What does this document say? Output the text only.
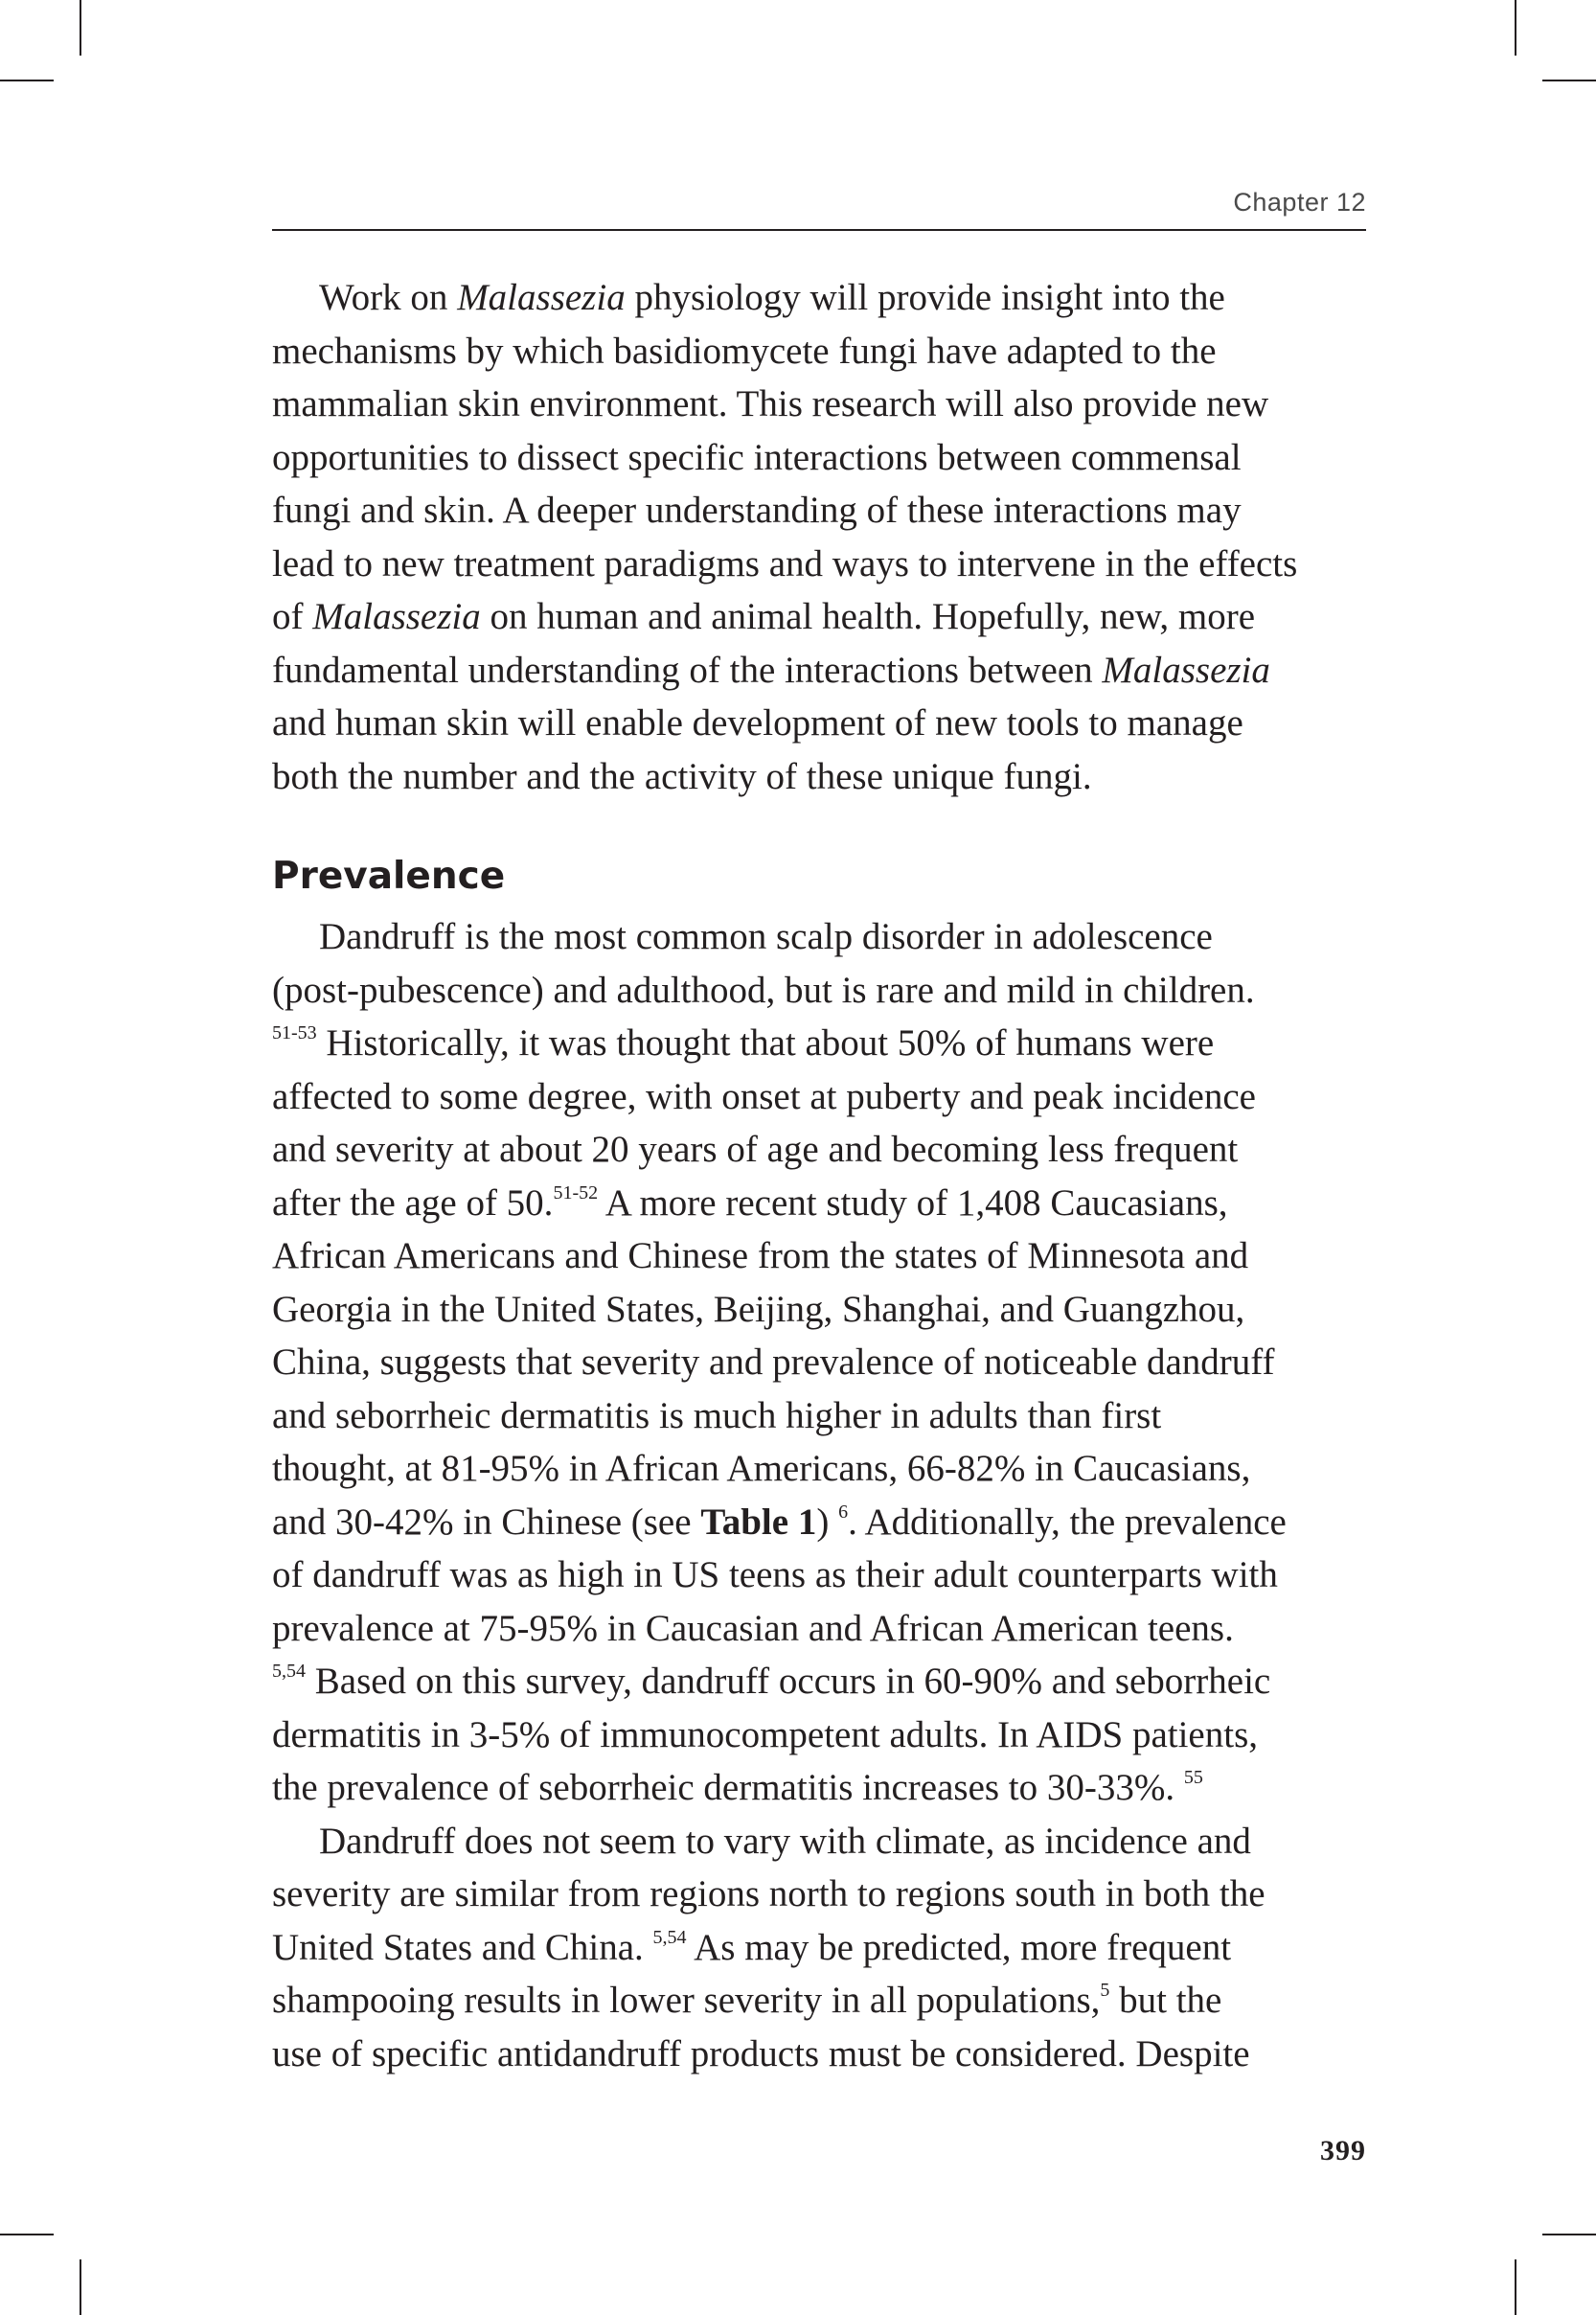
Chapter 12
Work on Malassezia physiology will provide insight into the
mechanisms by which basidiomycete fungi have adapted to the
mammalian skin environment. This research will also provide new
opportunities to dissect specific interactions between commensal
fungi and skin. A deeper understanding of these interactions may
lead to new treatment paradigms and ways to intervene in the effects
of Malassezia on human and animal health. Hopefully, new, more
fundamental understanding of the interactions between Malassezia
and human skin will enable development of new tools to manage
both the number and the activity of these unique fungi.
Prevalence
Dandruff is the most common scalp disorder in adolescence
(post-pubescence) and adulthood, but is rare and mild in children.
$^{51-53}$ Historically, it was thought that about 50% of humans were
affected to some degree, with onset at puberty and peak incidence
and severity at about 20 years of age and becoming less frequent
after the age of 50.$^{51-52}$ A more recent study of 1,408 Caucasians,
African Americans and Chinese from the states of Minnesota and
Georgia in the United States, Beijing, Shanghai, and Guangzhou,
China, suggests that severity and prevalence of noticeable dandruff
and seborrheic dermatitis is much higher in adults than first
thought, at 81-95% in African Americans, 66-82% in Caucasians,
and 30-42% in Chinese (see Table 1) $^6$. Additionally, the prevalence
of dandruff was as high in US teens as their adult counterparts with
prevalence at 75-95% in Caucasian and African American teens.
$^{5,54}$ Based on this survey, dandruff occurs in 60-90% and seborrheic
dermatitis in 3-5% of immunocompetent adults. In AIDS patients,
the prevalence of seborrheic dermatitis increases to 30-33%. $^{55}$
Dandruff does not seem to vary with climate, as incidence and
severity are similar from regions north to regions south in both the
United States and China. $^{5,54}$ As may be predicted, more frequent
shampooing results in lower severity in all populations,$^5$ but the
use of specific antidandruff products must be considered. Despite
399
